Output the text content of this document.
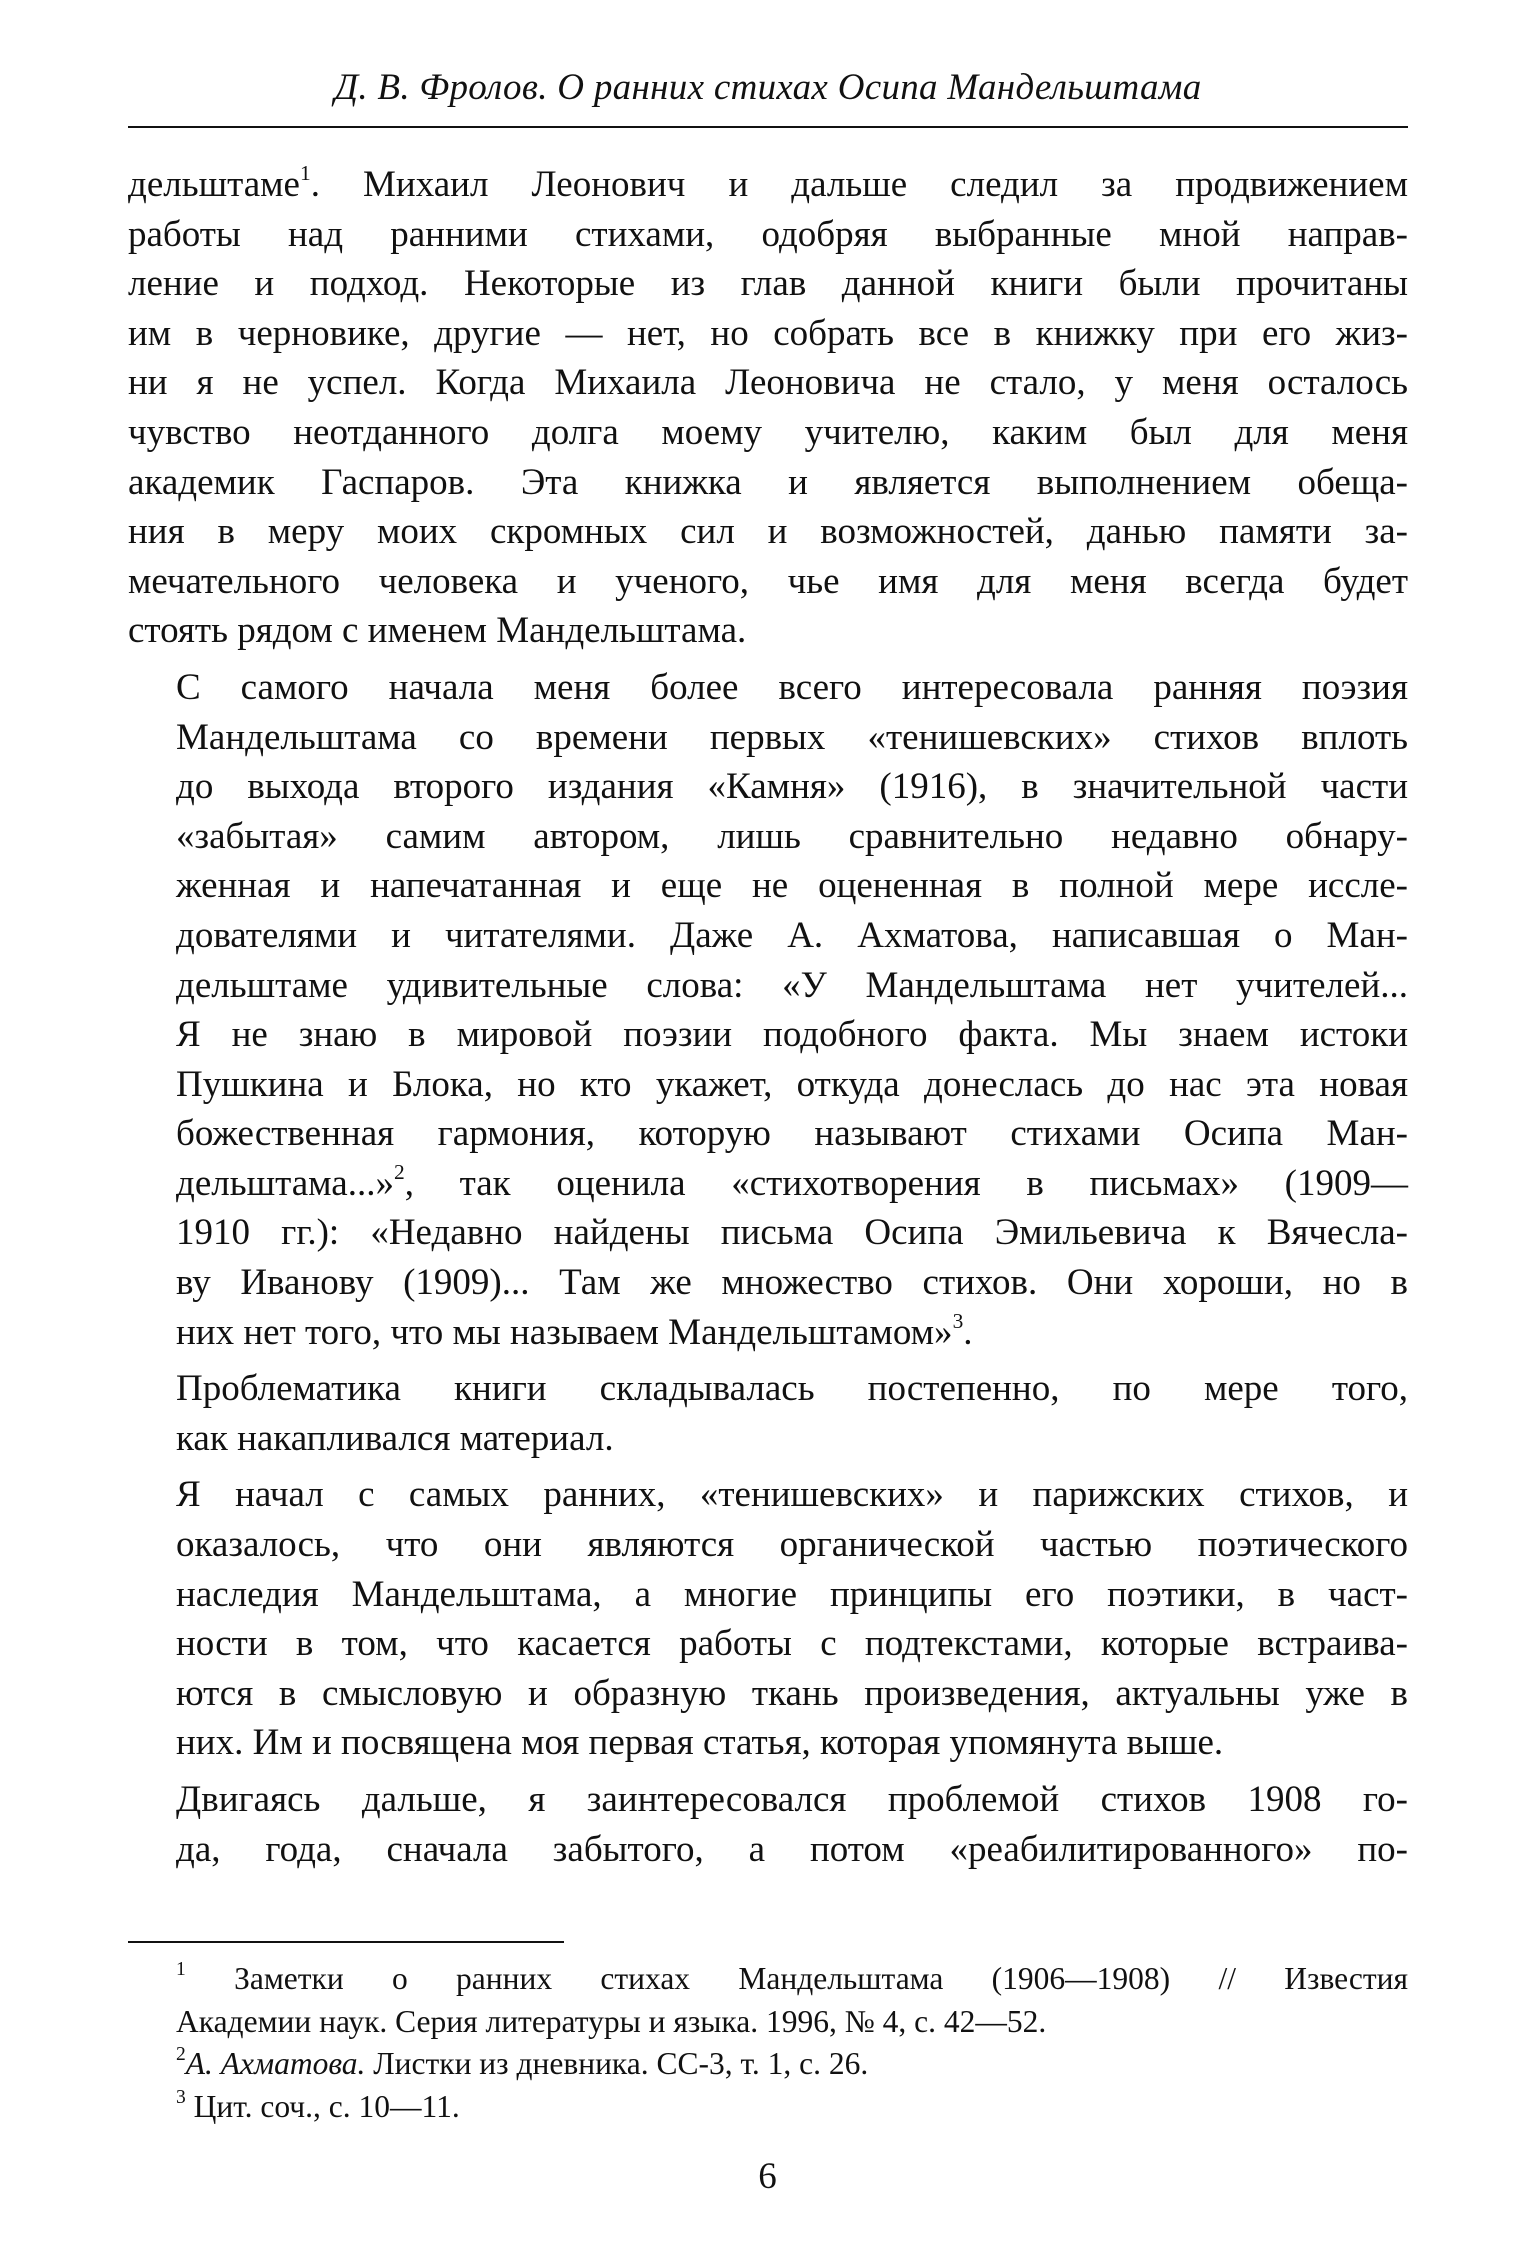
Д. В. Фролов. О ранних стихах Осипа Мандельштама

дельштаме$^1$. Михаил Леонович и дальше следил за продвижением
работы над ранними стихами, одобряя выбранные мной направ-
ление и подход. Некоторые из глав данной книги были прочитаны
им в черновике, другие — нет, но собрать все в книжку при его жиз-
ни я не успел. Когда Михаила Леоновича не стало, у меня осталось
чувство неотданного долга моему учителю, каким был для меня
академик Гаспаров. Эта книжка и является выполнением обеща-
ния в меру моих скромных сил и возможностей, данью памяти за-
мечательного человека и ученого, чье имя для меня всегда будет
стоять рядом с именем Мандельштама.

С самого начала меня более всего интересовала ранняя поэзия
Мандельштама со времени первых «тенишевских» стихов вплоть
до выхода второго издания «Камня» (1916), в значительной части
«забытая» самим автором, лишь сравнительно недавно обнару-
женная и напечатанная и еще не оцененная в полной мере иссле-
дователями и читателями. Даже А. Ахматова, написавшая о Ман-
дельштаме удивительные слова: «У Мандельштама нет учителей...
Я не знаю в мировой поэзии подобного факта. Мы знаем истоки
Пушкина и Блока, но кто укажет, откуда донеслась до нас эта новая
божественная гармония, которую называют стихами Осипа Ман-
дельштама...»$^2$, так оценила «стихотворения в письмах» (1909—
1910 гг.): «Недавно найдены письма Осипа Эмильевича к Вячесла-
ву Иванову (1909)... Там же множество стихов. Они хороши, но в
них нет того, что мы называем Мандельштамом»$^3$.

Проблематика книги складывалась постепенно, по мере того,
как накапливался материал.

Я начал с самых ранних, «тенишевских» и парижских стихов, и
оказалось, что они являются органической частью поэтического
наследия Мандельштама, а многие принципы его поэтики, в част-
ности в том, что касается работы с подтекстами, которые встраива-
ются в смысловую и образную ткань произведения, актуальны уже в
них. Им и посвящена моя первая статья, которая упомянута выше.

Двигаясь дальше, я заинтересовался проблемой стихов 1908 го-
да, года, сначала забытого, а потом «реабилитированного» по-

$^1$ Заметки о ранних стихах Мандельштама (1906—1908) // Известия
Академии наук. Серия литературы и языка. 1996, № 4, с. 42—52.

$^2$А. Ахматова. Листки из дневника. СС-3, т. 1, с. 26.

$^3$ Цит. соч., с. 10—11.

6
